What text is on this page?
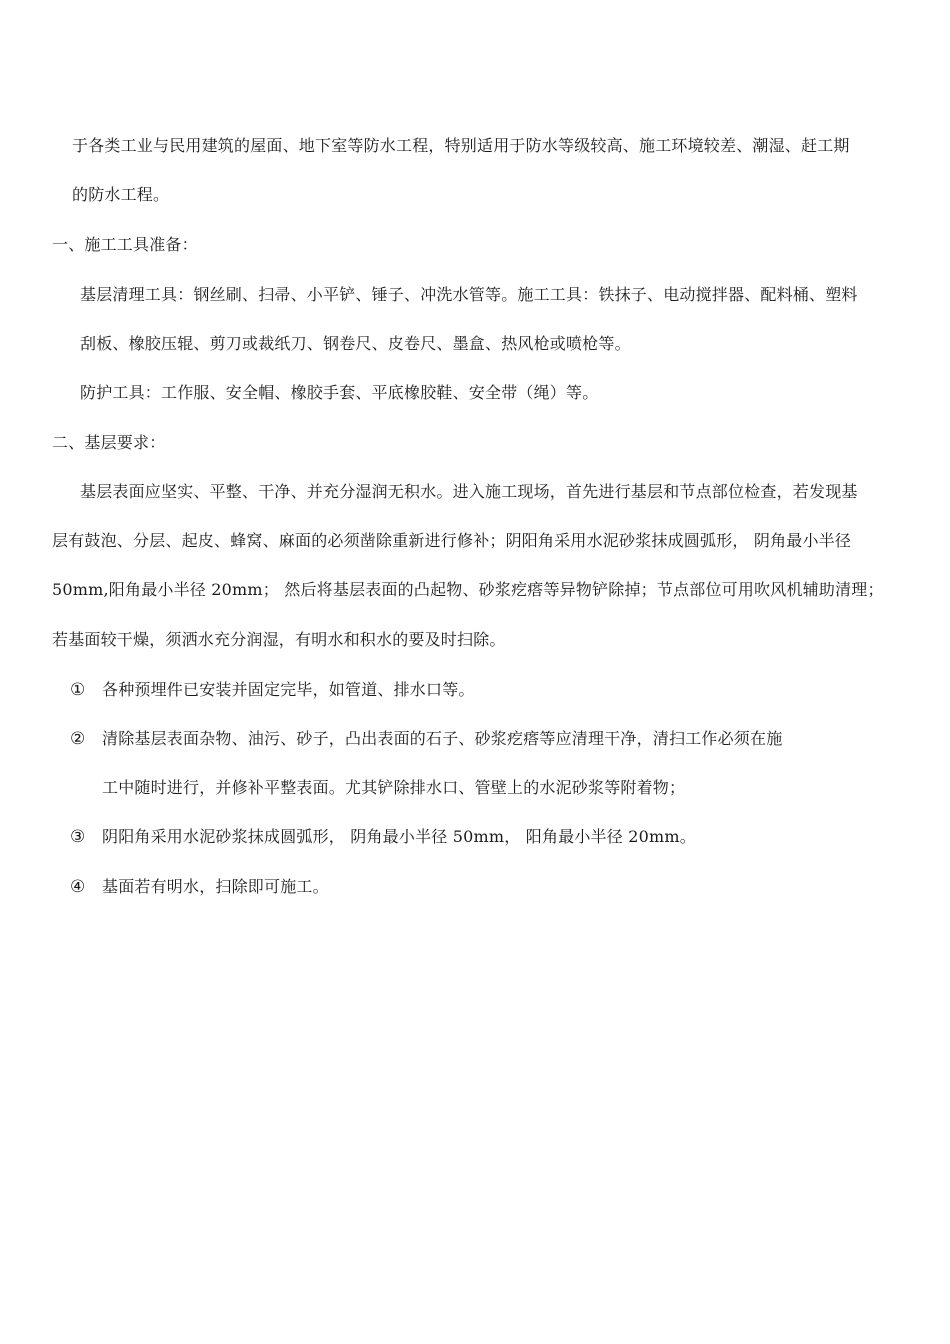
于各类工业与民用建筑的屋面、地下室等防水工程，特别适用于防水等级较高、施工环境较差、潮湿、赶工期
的防水工程。
一、施工工具准备：
基层清理工具：钢丝刷、扫帚、小平铲、锤子、冲洗水管等。施工工具：铁抹子、电动搅拌器、配料桶、塑料
刮板、橡胶压辊、剪刀或裁纸刀、钢卷尺、皮卷尺、墨盒、热风枪或喷枪等。
防护工具：工作服、安全帽、橡胶手套、平底橡胶鞋、安全带（绳）等。
二、基层要求：
基层表面应坚实、平整、干净、并充分湿润无积水。进入施工现场，首先进行基层和节点部位检查，若发现基
层有鼓泡、分层、起皮、蜂窝、麻面的必须凿除重新进行修补；阴阳角采用水泥砂浆抹成圆弧形， 阴角最小半径
50mm,阳角最小半径 20mm； 然后将基层表面的凸起物、砂浆疙瘩等异物铲除掉；节点部位可用吹风机辅助清理；
若基面较干燥，须洒水充分润湿，有明水和积水的要及时扫除。
① 各种预埋件已安装并固定完毕，如管道、排水口等。
② 清除基层表面杂物、油污、砂子，凸出表面的石子、砂浆疙瘩等应清理干净，清扫工作必须在施
工中随时进行，并修补平整表面。尤其铲除排水口、管壁上的水泥砂浆等附着物；
③ 阴阳角采用水泥砂浆抹成圆弧形， 阴角最小半径 50mm， 阳角最小半径 20mm。
④ 基面若有明水，扫除即可施工。
